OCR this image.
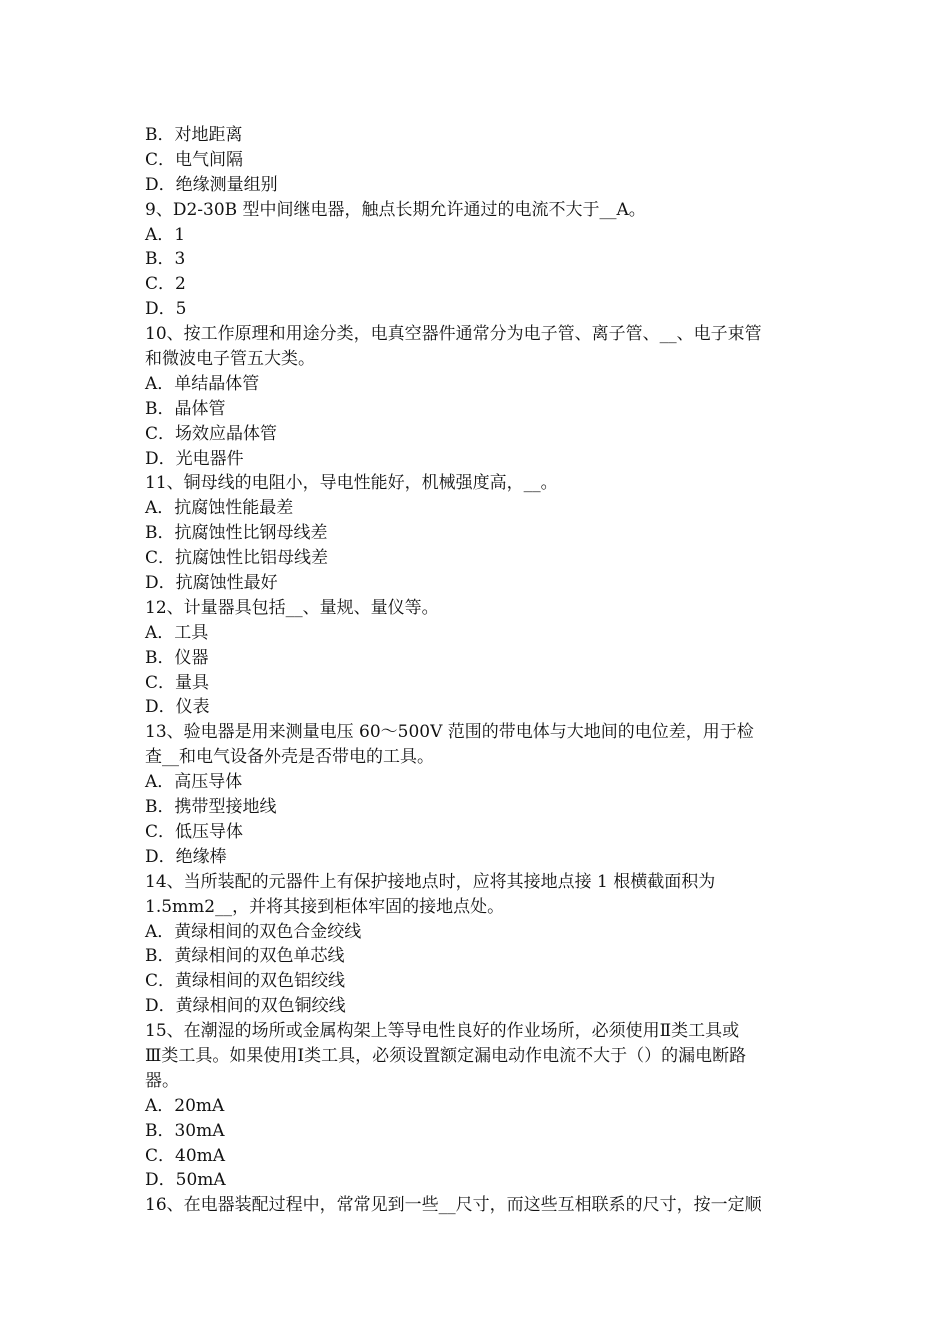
B．对地距离
C．电气间隔
D．绝缘测量组别
9、D2-30B 型中间继电器，触点长期允许通过的电流不大于__A。
A．1
B．3
C．2
D．5
10、按工作原理和用途分类，电真空器件通常分为电子管、离子管、__、电子束管
和微波电子管五大类。
A．单结晶体管
B．晶体管
C．场效应晶体管
D．光电器件
11、铜母线的电阻小，导电性能好，机械强度高，__。
A．抗腐蚀性能最差
B．抗腐蚀性比钢母线差
C．抗腐蚀性比铝母线差
D．抗腐蚀性最好
12、计量器具包括__、量规、量仪等。
A．工具
B．仪器
C．量具
D．仪表
13、验电器是用来测量电压 60～500V 范围的带电体与大地间的电位差，用于检
查__和电气设备外壳是否带电的工具。
A．高压导体
B．携带型接地线
C．低压导体
D．绝缘棒
14、当所装配的元器件上有保护接地点时，应将其接地点接 1 根横截面积为
1.5mm2__，并将其接到柜体牢固的接地点处。
A．黄绿相间的双色合金绞线
B．黄绿相间的双色单芯线
C．黄绿相间的双色铝绞线
D．黄绿相间的双色铜绞线
15、在潮湿的场所或金属构架上等导电性良好的作业场所，必须使用Ⅱ类工具或
Ⅲ类工具。如果使用Ⅰ类工具，必须设置额定漏电动作电流不大于（）的漏电断路
器。
A．20mA
B．30mA
C．40mA
D．50mA
16、在电器装配过程中，常常见到一些__尺寸，而这些互相联系的尺寸，按一定顺
